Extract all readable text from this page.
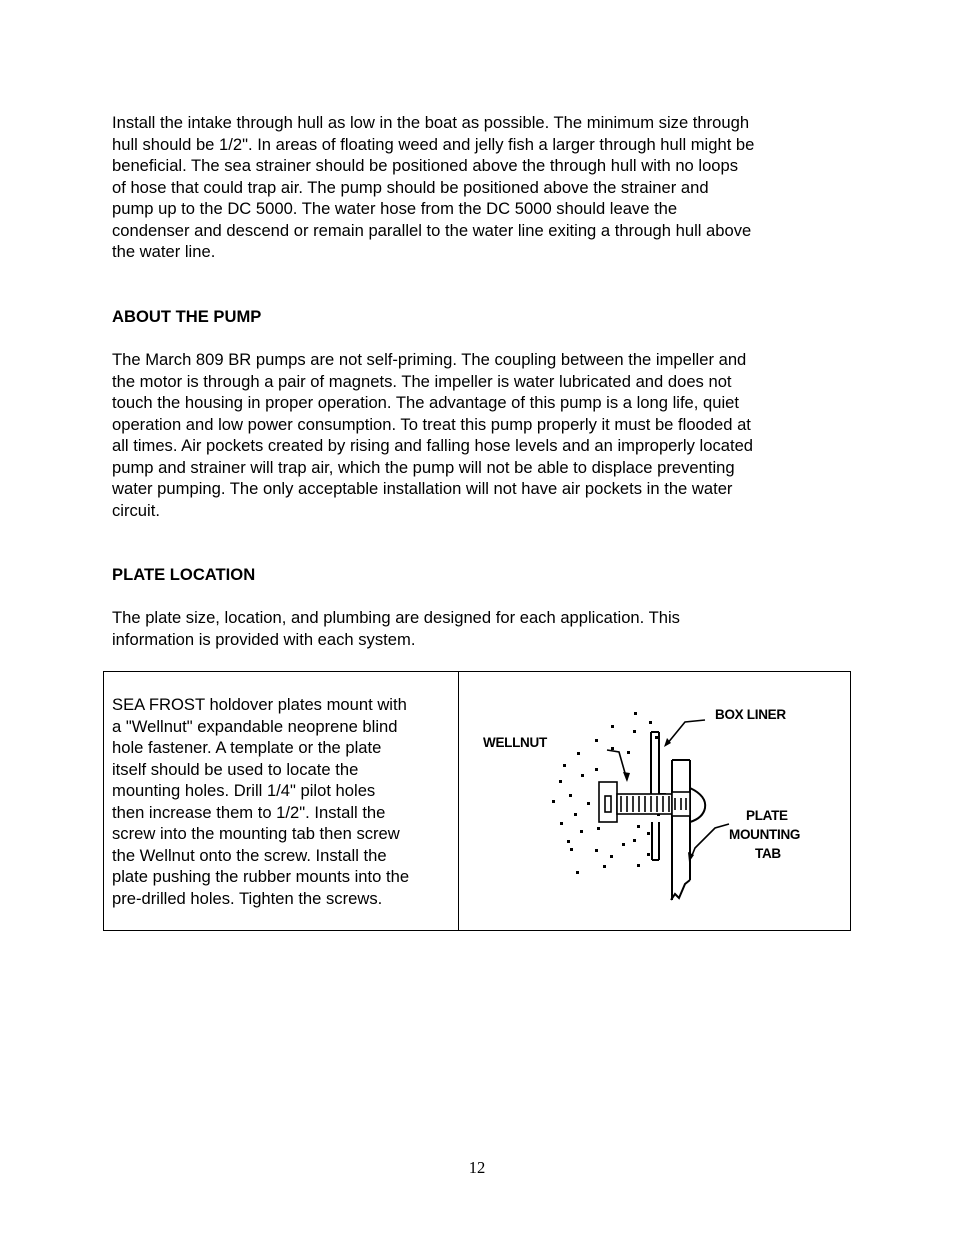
Install the intake through hull as low in the boat as possible. The minimum size through
hull should be 1/2". In areas of floating weed and jelly fish a larger through hull might be
beneficial. The sea strainer should be positioned above the through hull with no loops
of hose that could trap air. The pump should be positioned above the strainer and
pump up to the DC 5000. The water hose from the DC 5000 should leave the
condenser and descend or remain parallel to the water line exiting a through hull above
the water line.

ABOUT THE PUMP

The March 809 BR pumps are not self-priming. The coupling between the impeller and
the motor is through a pair of magnets. The impeller is water lubricated and does not
touch the housing in proper operation. The advantage of this pump is a long life, quiet
operation and low power consumption. To treat this pump properly it must be flooded at
all times. Air pockets created by rising and falling hose levels and an improperly located
pump and strainer will trap air, which the pump will not be able to displace preventing
water pumping. The only acceptable installation will not have air pockets in the water
circuit.

PLATE LOCATION

The plate size, location, and plumbing are designed for each application. This
information is provided with each system.

SEA FROST holdover plates mount with
a "Wellnut" expandable neoprene blind
hole fastener. A template or the plate
itself should be used to locate the
mounting holes. Drill 1/4" pilot holes
then increase them to 1/2". Install the
screw into the mounting tab then screw
the Wellnut onto the screw. Install the
plate pushing the rubber mounts into the
pre-drilled holes. Tighten the screws.

WELLNUT
BOX LINER
PLATE
MOUNTING
TAB
12
